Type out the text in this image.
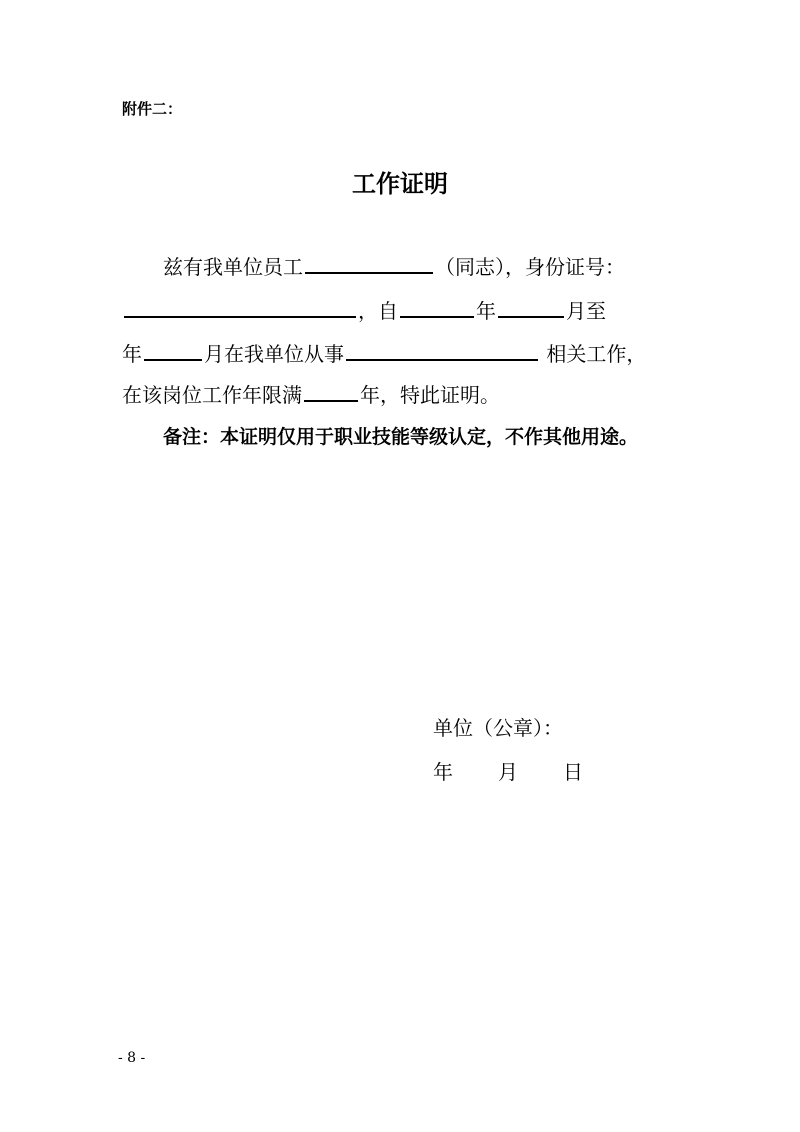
附件二：
工作证明
兹有我单位员工	（同志），身份证号：
，自	年	月至
年	月在我单位从事	相关工作，
在该岗位工作年限满	年，特此证明。
备注：本证明仅用于职业技能等级认定，不作其他用途。
单位（公章）：
年 月 日
- 8 -
